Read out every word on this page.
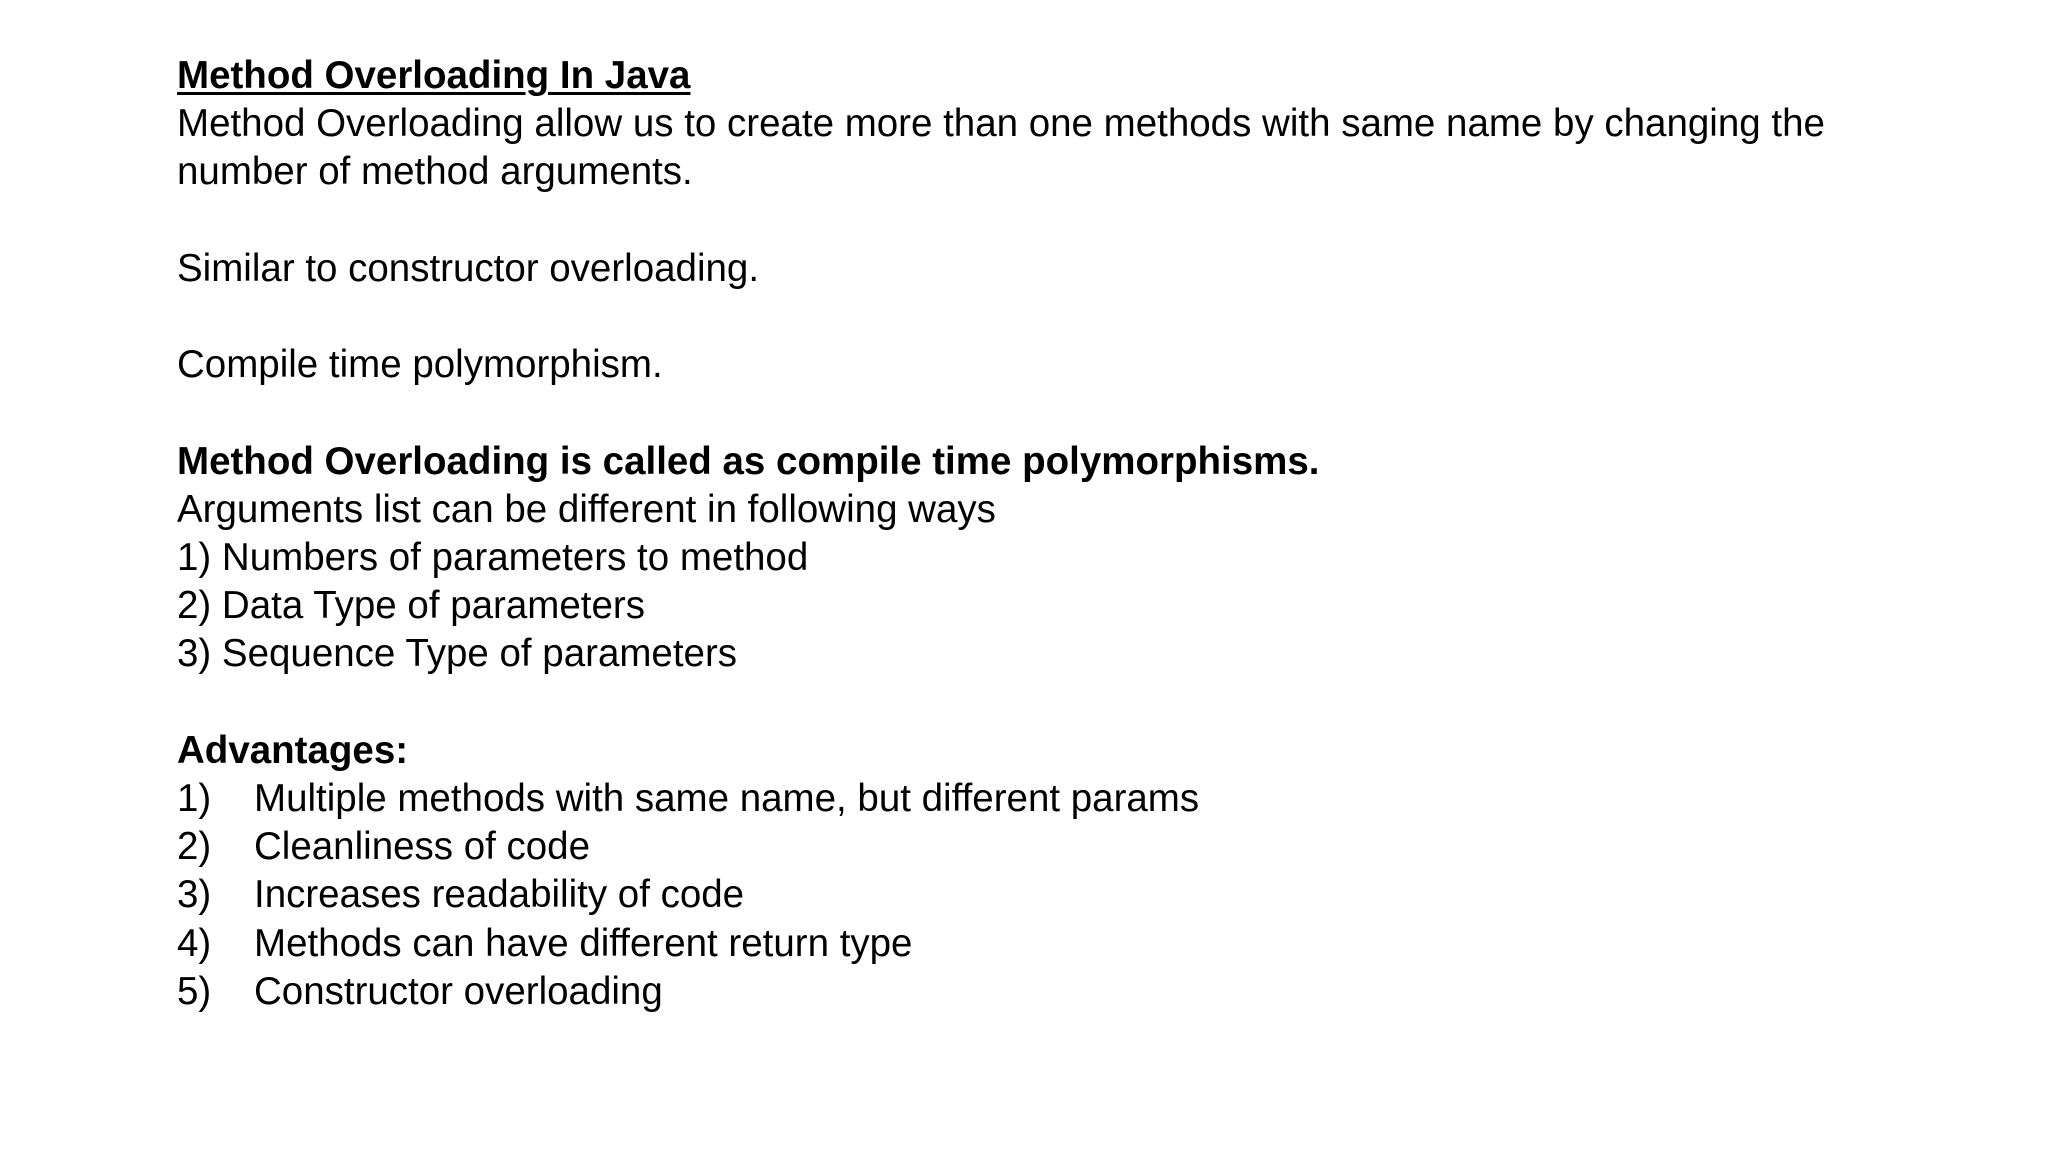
Method Overloading In Java
Method Overloading allow us to create more than one methods with same name by changing the
number of method arguments.
Similar to constructor overloading.
Compile time polymorphism.
Method Overloading is called as compile time polymorphisms.
Arguments list can be different in following ways
1) Numbers of parameters to method
2) Data Type of parameters
3) Sequence Type of parameters
Advantages:
1)	Multiple methods with same name, but different params
2)	Cleanliness of code
3)	Increases readability of code
4)	Methods can have different return type
5)	Constructor overloading
